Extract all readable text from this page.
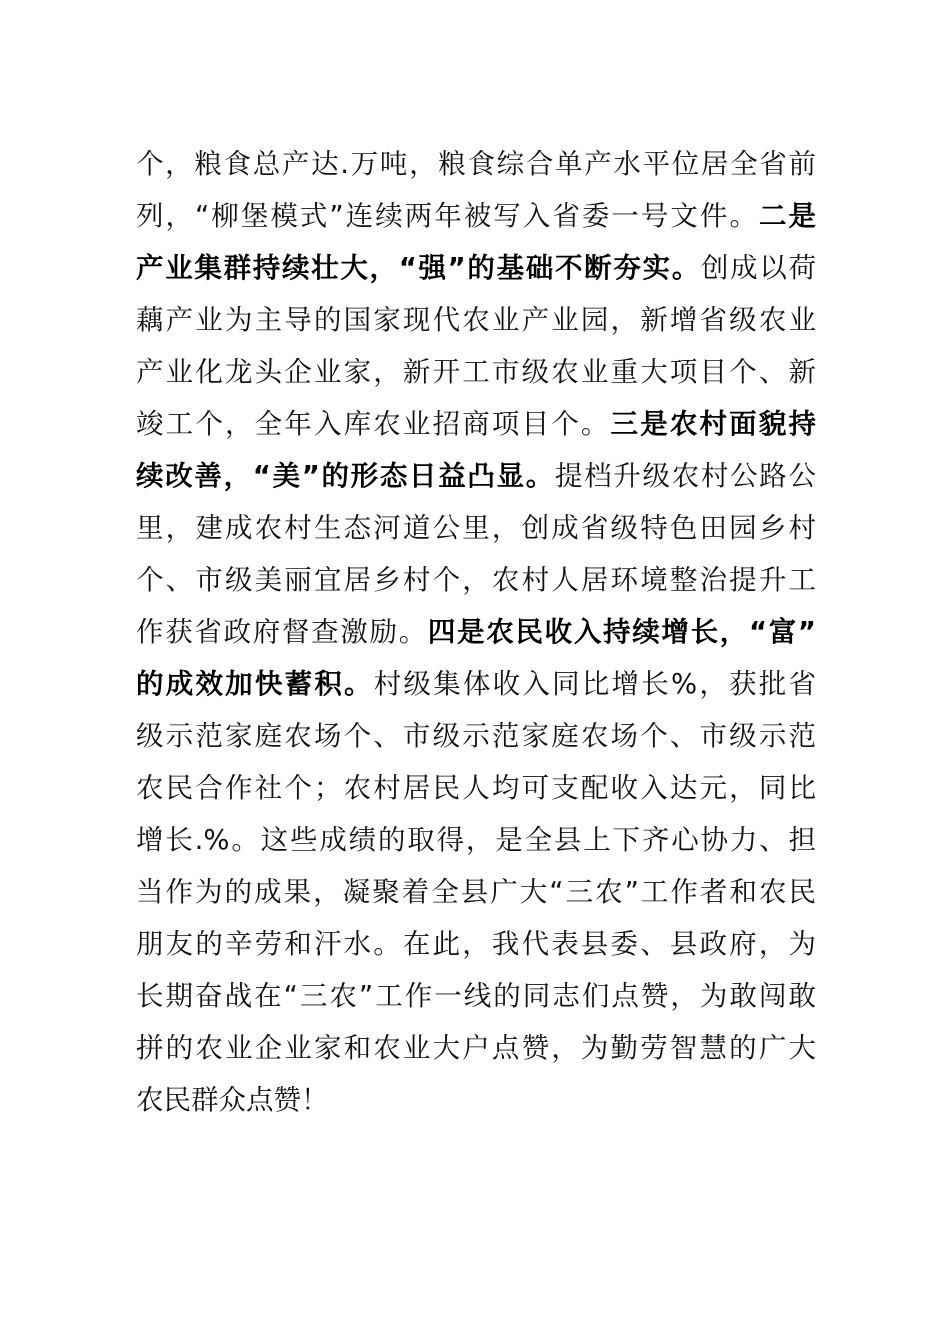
个，粮食总产达.万吨，粮食综合单产水平位居全省前
列，“柳堡模式”连续两年被写入省委一号文件。二是
产业集群持续壮大，“强”的基础不断夯实。创成以荷
藕产业为主导的国家现代农业产业园，新增省级农业
产业化龙头企业家，新开工市级农业重大项目个、新
竣工个，全年入库农业招商项目个。三是农村面貌持
续改善，“美”的形态日益凸显。提档升级农村公路公
里，建成农村生态河道公里，创成省级特色田园乡村
个、市级美丽宜居乡村个，农村人居环境整治提升工
作获省政府督查激励。四是农民收入持续增长，“富”
的成效加快蓄积。村级集体收入同比增长%，获批省
级示范家庭农场个、市级示范家庭农场个、市级示范
农民合作社个；农村居民人均可支配收入达元，同比
增长.%。这些成绩的取得，是全县上下齐心协力、担
当作为的成果，凝聚着全县广大“三农”工作者和农民
朋友的辛劳和汗水。在此，我代表县委、县政府，为
长期奋战在“三农”工作一线的同志们点赞，为敢闯敢
拼的农业企业家和农业大户点赞，为勤劳智慧的广大
农民群众点赞！
